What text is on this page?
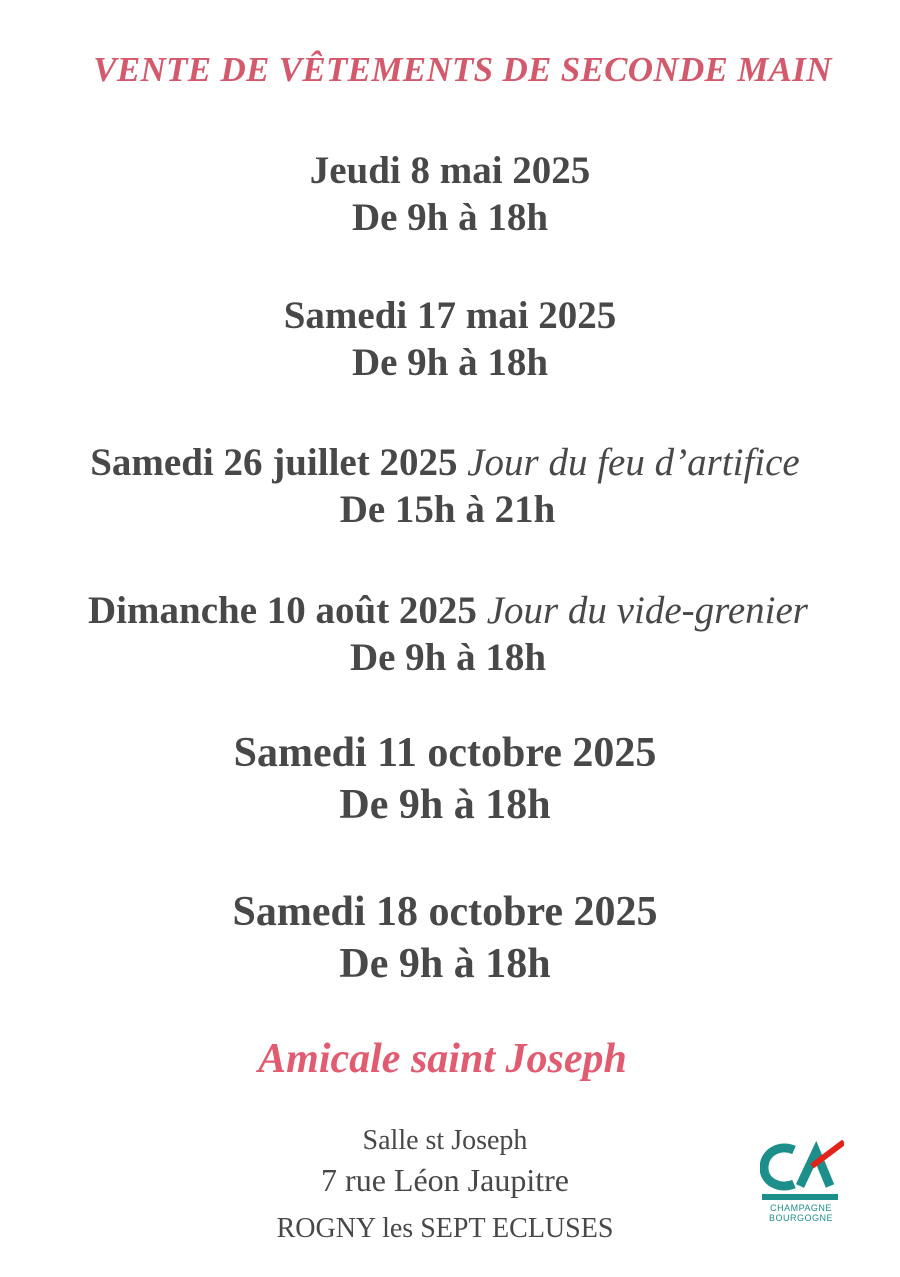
VENTE DE VÊTEMENTS DE SECONDE MAIN
Jeudi 8 mai 2025
De 9h à 18h
Samedi 17 mai 2025
De 9h à 18h
Samedi 26 juillet 2025 Jour du feu d’artifice
De 15h à 21h
Dimanche 10 août 2025 Jour du vide-grenier
De 9h à 18h
Samedi 11 octobre 2025
De 9h à 18h
Samedi 18 octobre 2025
De 9h à 18h
Amicale saint Joseph
Salle st Joseph
7 rue Léon Jaupitre
ROGNY les SEPT ECLUSES
CHAMPAGNE
BOURGOGNE
